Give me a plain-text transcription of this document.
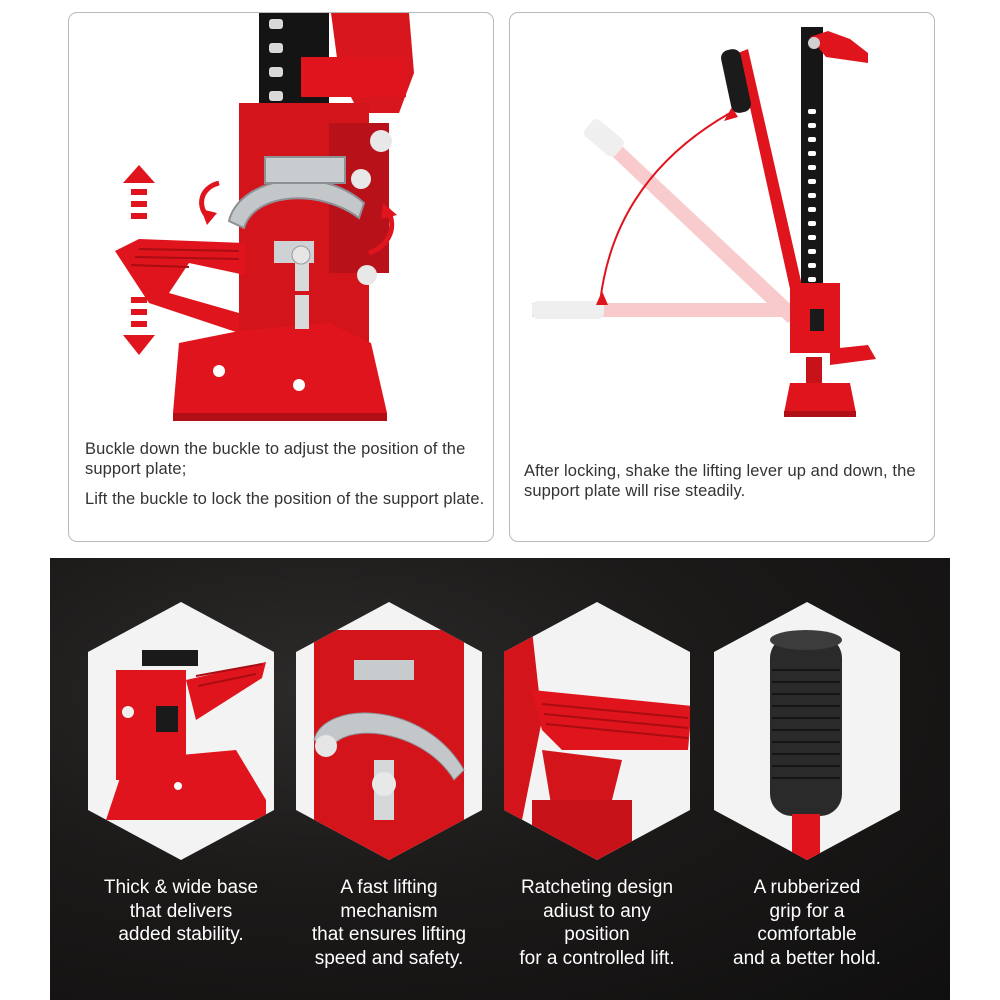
Buckle down the buckle to adjust the position of the support plate;
Lift the buckle to lock the position of the support plate.
After locking, shake the lifting lever up and down, the support plate will rise steadily.
Thick & wide base
that delivers
added stability.
A fast lifting
mechanism
that ensures lifting
speed and safety.
Ratcheting design
adiust to any
position
for a controlled lift.
A rubberized
grip for a
comfortable
and a better hold.
